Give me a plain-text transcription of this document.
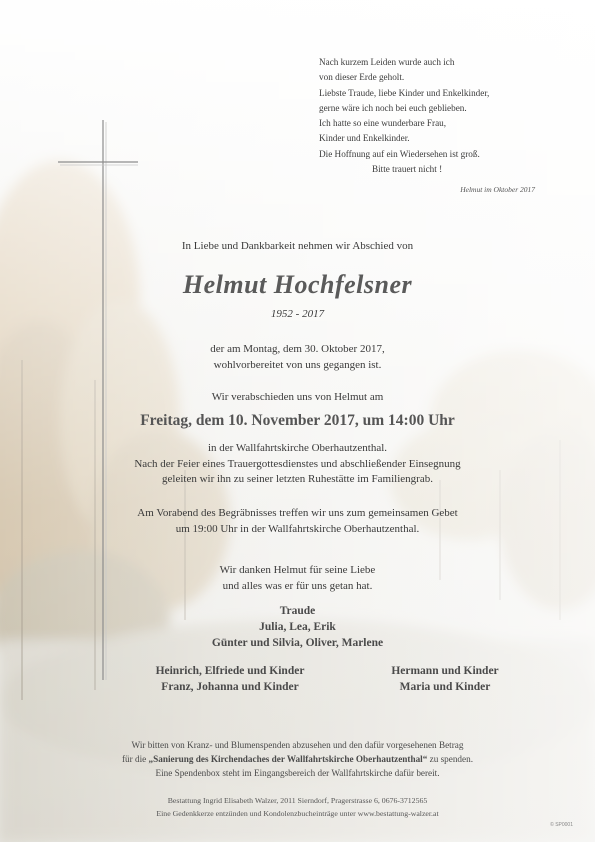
Nach kurzem Leiden wurde auch ich
von dieser Erde geholt.
Liebste Traude, liebe Kinder und Enkelkinder,
gerne wäre ich noch bei euch geblieben.
Ich hatte so eine wunderbare Frau,
Kinder und Enkelkinder.
Die Hoffnung auf ein Wiedersehen ist groß.
Bitte trauert nicht !
Helmut im Oktober 2017
In Liebe und Dankbarkeit nehmen wir Abschied von
Helmut Hochfelsner
1952 - 2017
der am Montag, dem 30. Oktober 2017,
wohlvorbereitet von uns gegangen ist.
Wir verabschieden uns von Helmut am
Freitag, dem 10. November 2017, um 14:00 Uhr
in der Wallfahrtskirche Oberhautzenthal.
Nach der Feier eines Trauergottesdienstes und abschließender Einsegnung
geleiten wir ihn zu seiner letzten Ruhestätte im Familiengrab.
Am Vorabend des Begräbnisses treffen wir uns zum gemeinsamen Gebet
um 19:00 Uhr in der Wallfahrtskirche Oberhautzenthal.
Wir danken Helmut für seine Liebe
und alles was er für uns getan hat.
Traude
Julia, Lea, Erik
Günter und Silvia, Oliver, Marlene
Heinrich, Elfriede und Kinder
Franz, Johanna und Kinder
Hermann und Kinder
Maria und Kinder
Wir bitten von Kranz- und Blumenspenden abzusehen und den dafür vorgesehenen Betrag
für die „Sanierung des Kirchendaches der Wallfahrtskirche Oberhautzenthal“ zu spenden.
Eine Spendenbox steht im Eingangsbereich der Wallfahrtskirche dafür bereit.
Bestattung Ingrid Elisabeth Walzer, 2011 Sierndorf, Pragerstrasse 6, 0676-3712565
Eine Gedenkkerze entzünden und Kondolenzbucheinträge unter www.bestattung-walzer.at
© SP0001
